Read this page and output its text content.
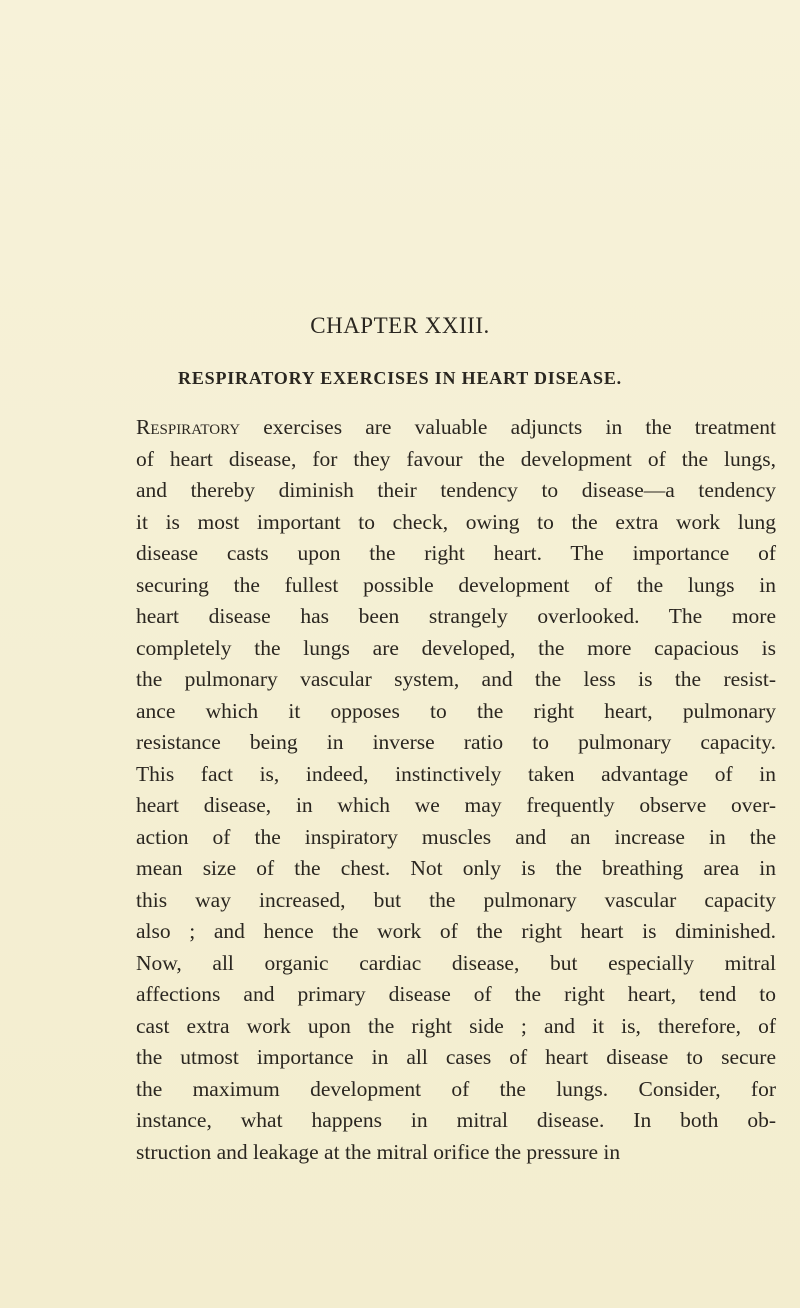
CHAPTER XXIII.
RESPIRATORY EXERCISES IN HEART DISEASE.
Respiratory exercises are valuable adjuncts in the treatment
of heart disease, for they favour the development of the lungs,
and thereby diminish their tendency to disease—a tendency
it is most important to check, owing to the extra work lung
disease casts upon the right heart. The importance of
securing the fullest possible development of the lungs in
heart disease has been strangely overlooked. The more
completely the lungs are developed, the more capacious is
the pulmonary vascular system, and the less is the resist-
ance which it opposes to the right heart, pulmonary
resistance being in inverse ratio to pulmonary capacity.
This fact is, indeed, instinctively taken advantage of in
heart disease, in which we may frequently observe over-
action of the inspiratory muscles and an increase in the
mean size of the chest. Not only is the breathing area in
this way increased, but the pulmonary vascular capacity
also ; and hence the work of the right heart is diminished.
Now, all organic cardiac disease, but especially mitral
affections and primary disease of the right heart, tend to
cast extra work upon the right side ; and it is, therefore, of
the utmost importance in all cases of heart disease to secure
the maximum development of the lungs. Consider, for
instance, what happens in mitral disease. In both ob-
struction and leakage at the mitral orifice the pressure in
